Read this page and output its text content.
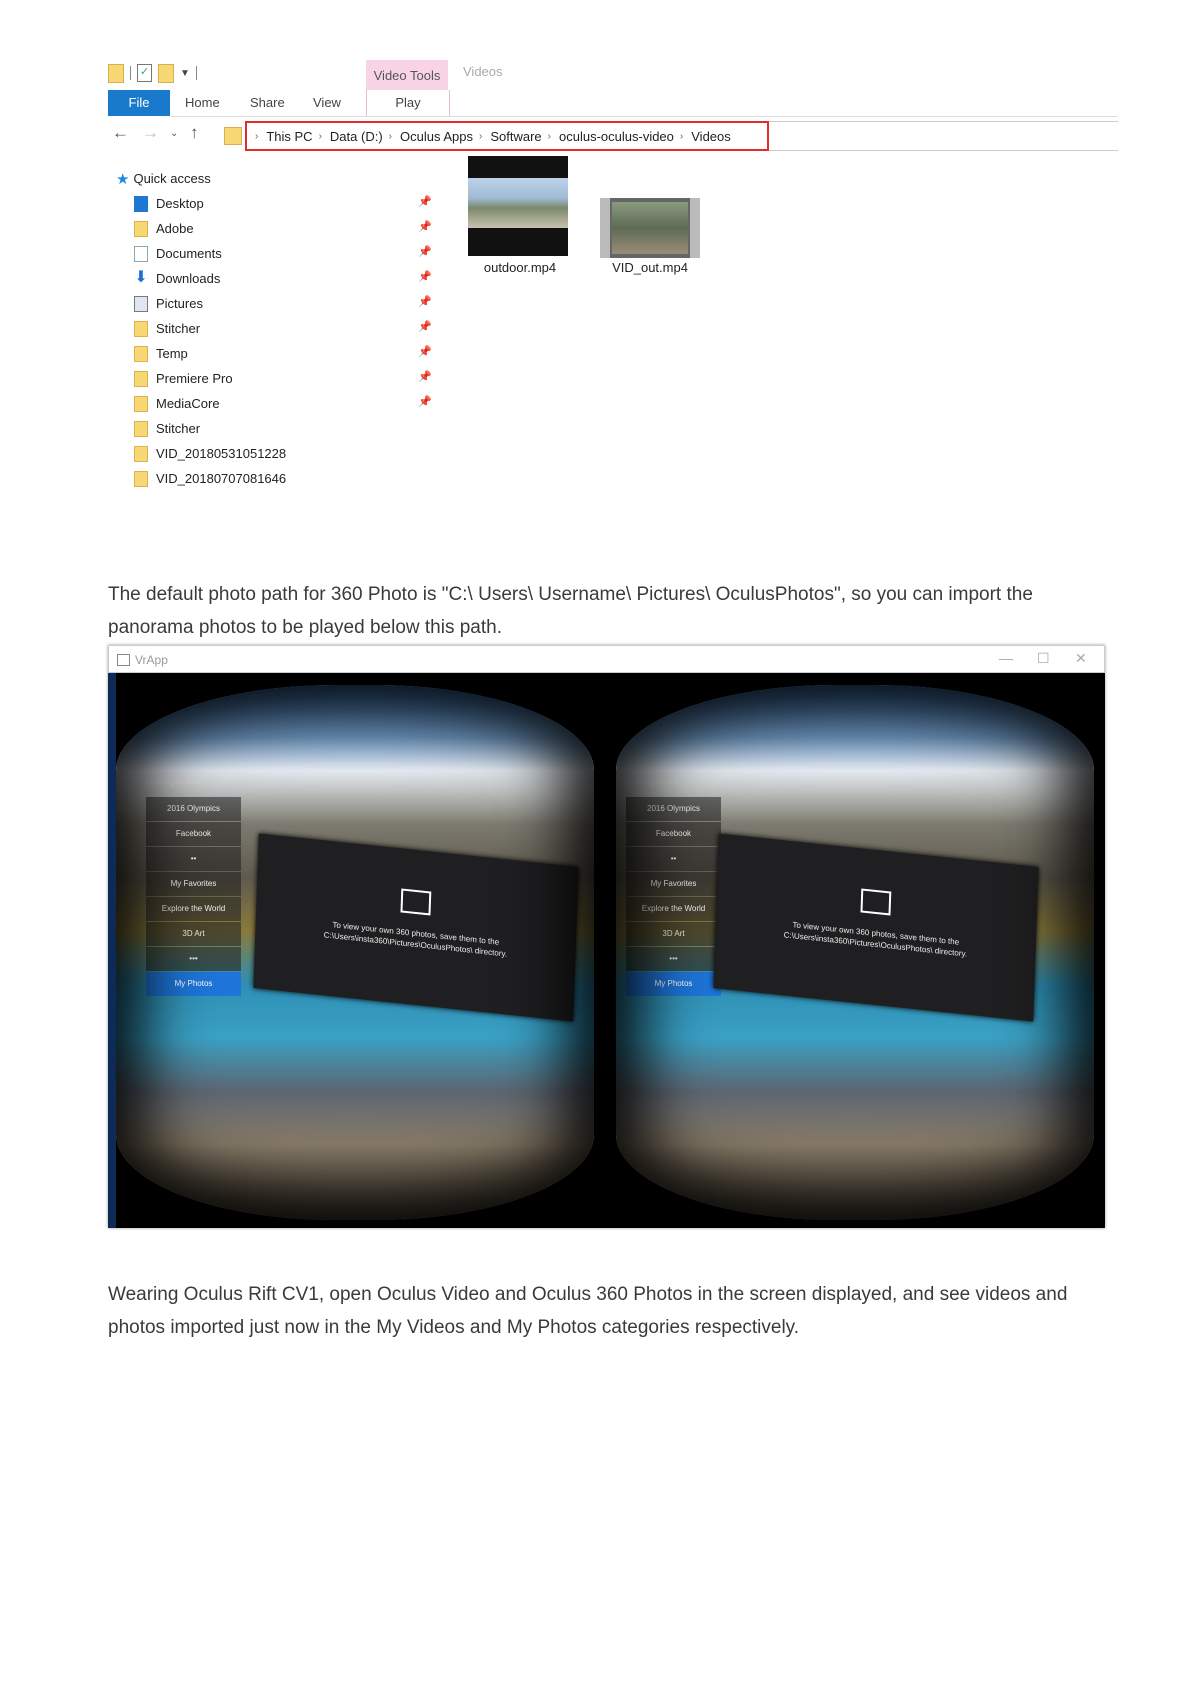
✓	▼	Video Tools	Videos
File	Home Share View	Play
← → ⌄ ↑	› This PC › Data (D:) › Oculus Apps › Software › oculus-oculus-video › Videos
★ Quick access
Desktop	📌
Adobe	📌
Documents	📌
⬇ Downloads	📌
Pictures	📌
Stitcher	📌
Temp	📌
Premiere Pro	📌
MediaCore	📌
Stitcher
VID_20180531051228
VID_20180707081646
outdoor.mp4	VID_out.mp4
The default photo path for 360 Photo is "C:\ Users\ Username\ Pictures\ OculusPhotos", so you can import the panorama photos to be played below this path.
VrApp	— ☐ ✕
Categories
2016 Olympics
Facebook
••
My Favorites
Explore the World
3D Art
•••
My Photos
To view your own 360 photos, save them to the C:\Users\insta360\Pictures\OculusPhotos\ directory.
Categories
2016 Olympics
Facebook
••
My Favorites
Explore the World
3D Art
•••
My Photos
To view your own 360 photos, save them to the C:\Users\insta360\Pictures\OculusPhotos\ directory.
Wearing Oculus Rift CV1, open Oculus Video and Oculus 360 Photos in the screen displayed, and see videos and photos imported just now in the My Videos and My Photos categories respectively.
